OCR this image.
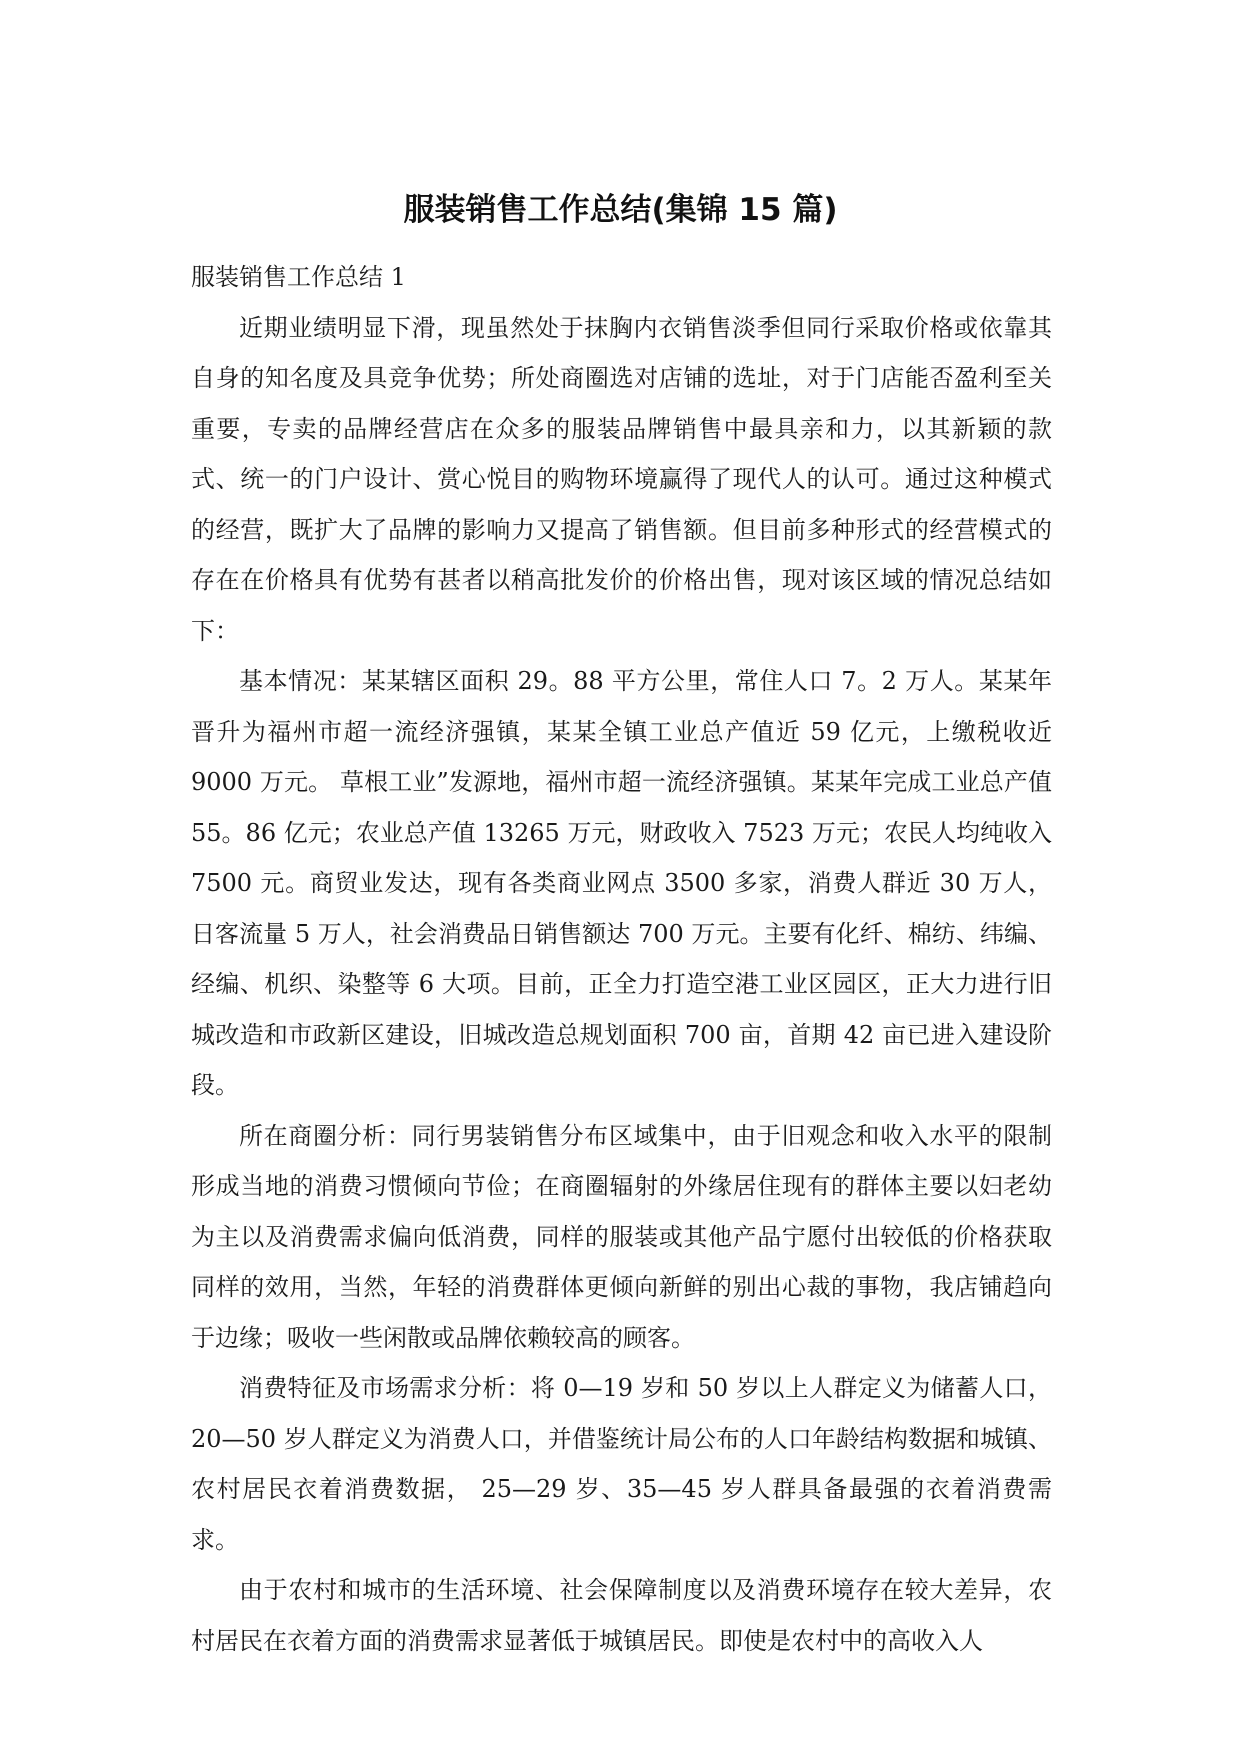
服装销售工作总结(集锦 15 篇)
服装销售工作总结 1

近期业绩明显下滑，现虽然处于抹胸内衣销售淡季但同行采取价格或依靠其自身的知名度及具竞争优势；所处商圈选对店铺的选址，对于门店能否盈利至关重要，专卖的品牌经营店在众多的服装品牌销售中最具亲和力，以其新颖的款式、统一的门户设计、赏心悦目的购物环境赢得了现代人的认可。通过这种模式的经营，既扩大了品牌的影响力又提高了销售额。但目前多种形式的经营模式的存在在价格具有优势有甚者以稍高批发价的价格出售，现对该区域的情况总结如下：

基本情况：某某辖区面积 29。88 平方公里，常住人口 7。2 万人。某某年晋升为福州市超一流经济强镇，某某全镇工业总产值近 59 亿元，上缴税收近 9000 万元。 草根工业”发源地，福州市超一流经济强镇。某某年完成工业总产值 55。86 亿元；农业总产值 13265 万元，财政收入 7523 万元；农民人均纯收入 7500 元。商贸业发达，现有各类商业网点 3500 多家，消费人群近 30 万人，日客流量 5 万人，社会消费品日销售额达 700 万元。主要有化纤、棉纺、纬编、经编、机织、染整等 6 大项。目前，正全力打造空港工业区园区，正大力进行旧城改造和市政新区建设，旧城改造总规划面积 700 亩，首期 42 亩已进入建设阶段。

所在商圈分析：同行男装销售分布区域集中，由于旧观念和收入水平的限制形成当地的消费习惯倾向节俭；在商圈辐射的外缘居住现有的群体主要以妇老幼为主以及消费需求偏向低消费，同样的服装或其他产品宁愿付出较低的价格获取同样的效用，当然，年轻的消费群体更倾向新鲜的别出心裁的事物，我店铺趋向于边缘；吸收一些闲散或品牌依赖较高的顾客。

消费特征及市场需求分析：将 0—19 岁和 50 岁以上人群定义为储蓄人口，20—50 岁人群定义为消费人口，并借鉴统计局公布的人口年龄结构数据和城镇、农村居民衣着消费数据， 25—29 岁、35—45 岁人群具备最强的衣着消费需求。

由于农村和城市的生活环境、社会保障制度以及消费环境存在较大差异，农村居民在衣着方面的消费需求显著低于城镇居民。即使是农村中的高收入人
